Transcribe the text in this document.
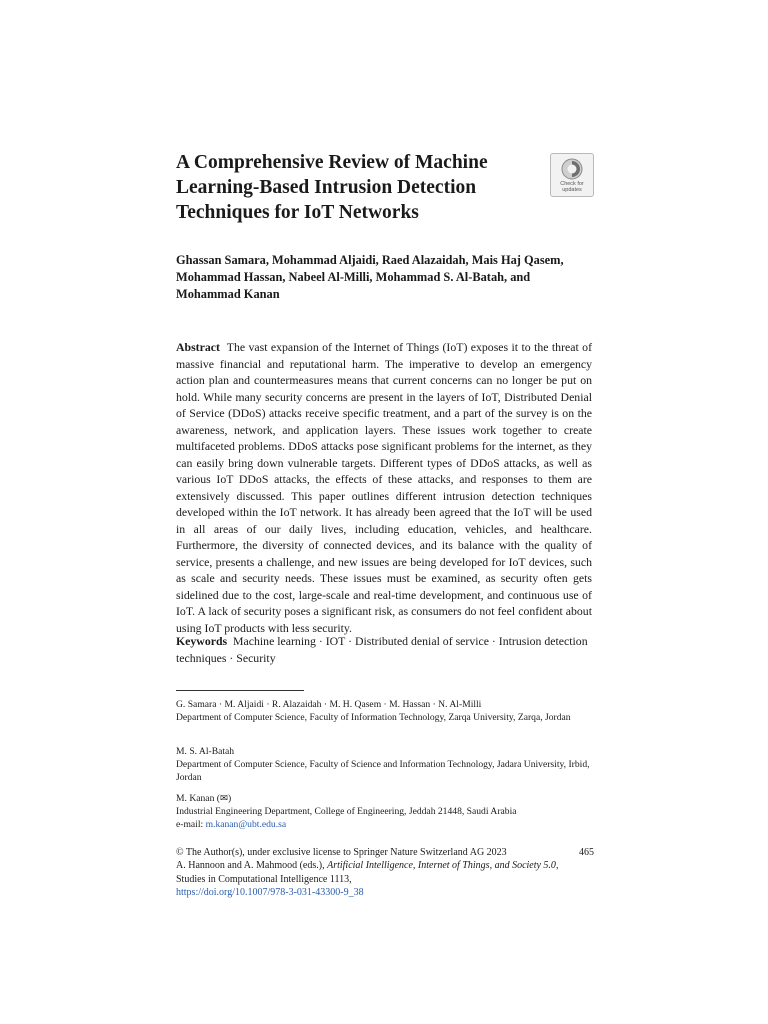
A Comprehensive Review of Machine Learning-Based Intrusion Detection Techniques for IoT Networks
Check for
updates

Ghassan Samara, Mohammad Aljaidi, Raed Alazaidah, Mais Haj Qasem, Mohammad Hassan, Nabeel Al-Milli, Mohammad S. Al-Batah, and Mohammad Kanan

Abstract The vast expansion of the Internet of Things (IoT) exposes it to the threat of massive financial and reputational harm. The imperative to develop an emergency action plan and countermeasures means that current concerns can no longer be put on hold. While many security concerns are present in the layers of IoT, Distributed Denial of Service (DDoS) attacks receive specific treatment, and a part of the survey is on the awareness, network, and application layers. These issues work together to create multifaceted problems. DDoS attacks pose significant problems for the internet, as they can easily bring down vulnerable targets. Different types of DDoS attacks, as well as various IoT DDoS attacks, the effects of these attacks, and responses to them are extensively discussed. This paper outlines different intrusion detection techniques developed within the IoT network. It has already been agreed that the IoT will be used in all areas of our daily lives, including education, vehicles, and healthcare. Furthermore, the diversity of connected devices, and its balance with the quality of service, presents a challenge, and new issues are being developed for IoT devices, such as scale and security needs. These issues must be examined, as security often gets sidelined due to the cost, large-scale and real-time development, and continuous use of IoT. A lack of security poses a significant risk, as consumers do not feel confident about using IoT products with less security.

Keywords Machine learning · IOT · Distributed denial of service · Intrusion detection techniques · Security

G. Samara · M. Aljaidi · R. Alazaidah · M. H. Qasem · M. Hassan · N. Al-Milli

Department of Computer Science, Faculty of Information Technology, Zarqa University, Zarqa, Jordan

M. S. Al-Batah

Department of Computer Science, Faculty of Science and Information Technology, Jadara University, Irbid, Jordan

M. Kanan (✉)

Industrial Engineering Department, College of Engineering, Jeddah 21448, Saudi Arabia

e-mail: m.kanan@ubt.edu.sa

© The Author(s), under exclusive license to Springer Nature Switzerland AG 2023

A. Hannoon and A. Mahmood (eds.), Artificial Intelligence, Internet of Things, and Society 5.0, Studies in Computational Intelligence 1113,

https://doi.org/10.1007/978-3-031-43300-9_38

465
